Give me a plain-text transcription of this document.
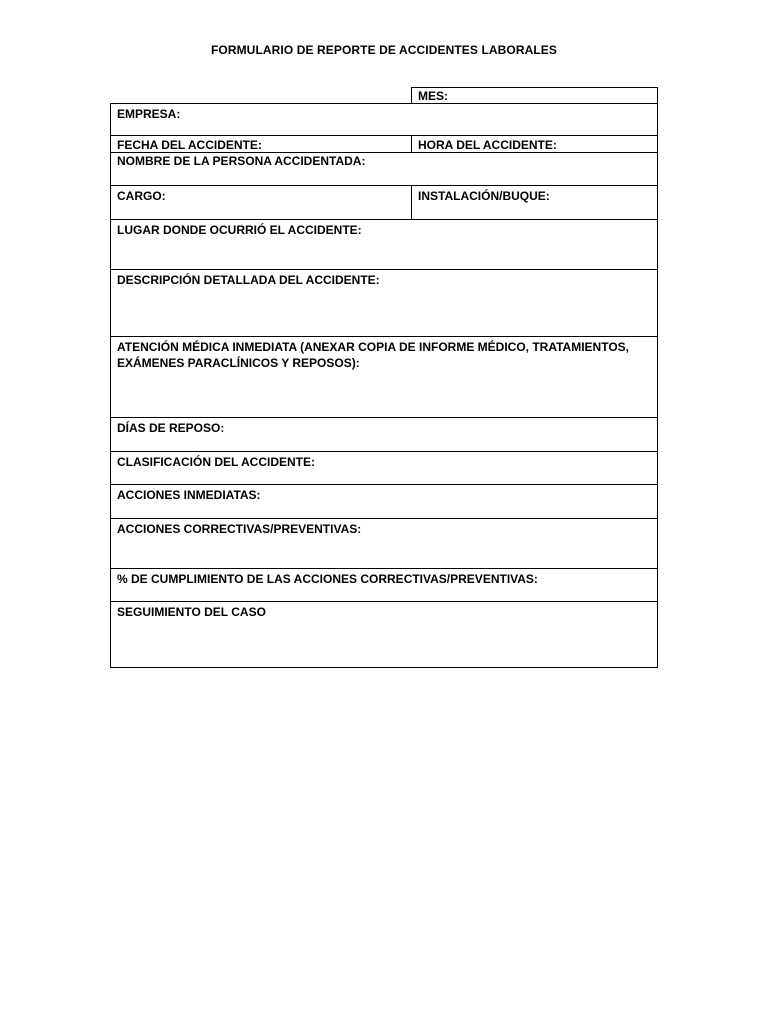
FORMULARIO DE REPORTE DE ACCIDENTES LABORALES
MES:
EMPRESA:
FECHA DEL ACCIDENTE:	HORA DEL ACCIDENTE:
NOMBRE DE LA PERSONA ACCIDENTADA:
CARGO:	INSTALACIÓN/BUQUE:
LUGAR DONDE OCURRIÓ EL ACCIDENTE:
DESCRIPCIÓN DETALLADA DEL ACCIDENTE:
ATENCIÓN MÉDICA INMEDIATA (ANEXAR COPIA DE INFORME MÉDICO, TRATAMIENTOS, EXÁMENES PARACLÍNICOS Y REPOSOS):
DÍAS DE REPOSO:
CLASIFICACIÓN DEL ACCIDENTE:
ACCIONES INMEDIATAS:
ACCIONES CORRECTIVAS/PREVENTIVAS:
% DE CUMPLIMIENTO DE LAS ACCIONES CORRECTIVAS/PREVENTIVAS:
SEGUIMIENTO DEL CASO
